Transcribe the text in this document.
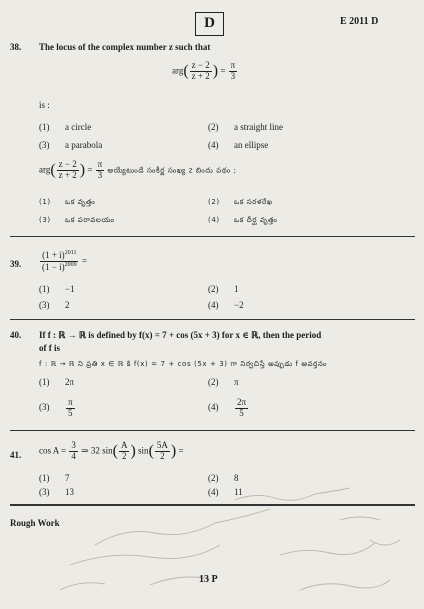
D	E 2011 D
38. The locus of the complex number z such that
$arg( \frac{z - 2}{z + 2}$ ) = $\frac{\pi}{3}$
is :
(1) a circle	(2) a straight line
(3) a parabola	(4) an ellipse
$arg( \frac{z - 2}{z + 2}$ ) = $\frac{\pi}{3}$ అయ్యేటుండే సంకీర్ణ సంఖ్య z బిందు పథం ;
(1) ఒక వృత్తం	(2) ఒక సరళరేఖ
(3) ఒక పరావలయం	(4) ఒక దీర్ఘ వృత్తం
39. $\frac{(1 + i)^{2011}}{(1 - i)^{2009}}$ =
(1) −1	(2) 1
(3) 2	(4) −2
40. If f : ℝ → ℝ is defined by f(x) = 7 + cos (5x + 3) for x ∈ ℝ, then the period
of f is
f : ℝ → ℝ ని ప్రతి x ∈ ℝ కి f(x) = 7 + cos (5x + 3) గా నిర్వచిస్తే అప్పుడు f ఆవర్తనం
(1) 2π	(2) π
$(3) \frac{\pi}{5}$	$(4) \frac{2\pi}{5}$
41. $\cos A = \frac{3}{4}$ ⇒ 32 $\sin( \frac{A}{2}$ ) $\sin( \frac{5A}{2}$ ) =
(1) 7	(2) 8
(3) 13	(4) 11
Rough Work
13 P
